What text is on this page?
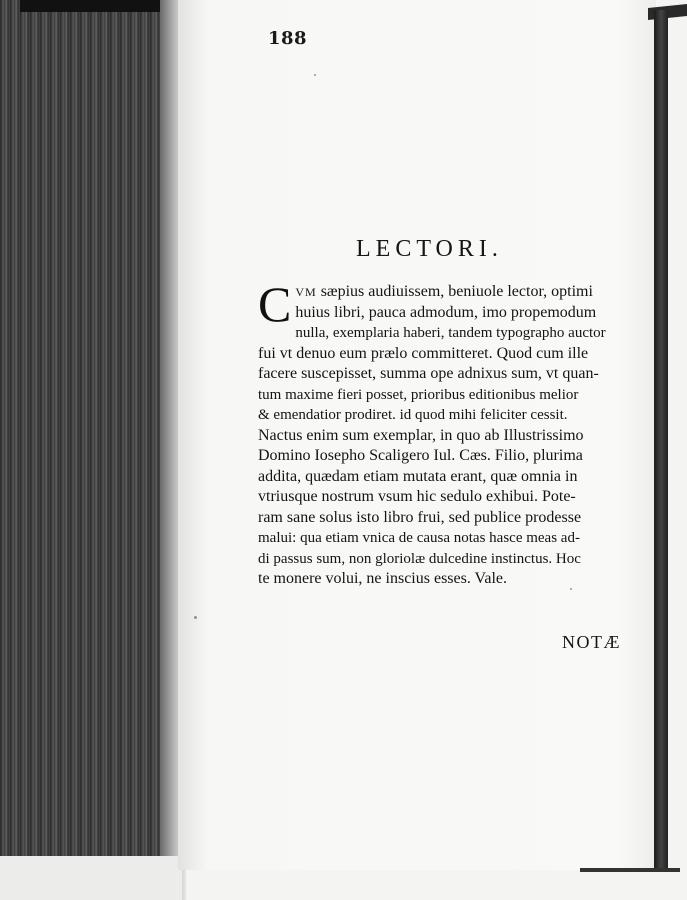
188
LECTORI.
C VM sæpius audiuissem, beniuole lector, optimi
huius libri, pauca admodum, imo propemodum
nulla, exemplaria haberi, tandem typographo auctor
fui vt denuo eum prælo committeret. Quod cum ille
facere suscepisset, summa ope adnixus sum, vt quan-
tum maxime fieri posset, prioribus editionibus melior
& emendatior prodiret. id quod mihi feliciter cessit.
Nactus enim sum exemplar, in quo ab Illustrissimo
Domino Iosepho Scaligero Iul. Cæs. Filio, plurima
addita, quædam etiam mutata erant, quæ omnia in
vtriusque nostrum vsum hic sedulo exhibui. Pote-
ram sane solus isto libro frui, sed publice prodesse
malui: qua etiam vnica de causa notas hasce meas ad-
di passus sum, non gloriolæ dulcedine instinctus. Hoc
te monere volui, ne inscius esses. Vale.
NOTÆ
